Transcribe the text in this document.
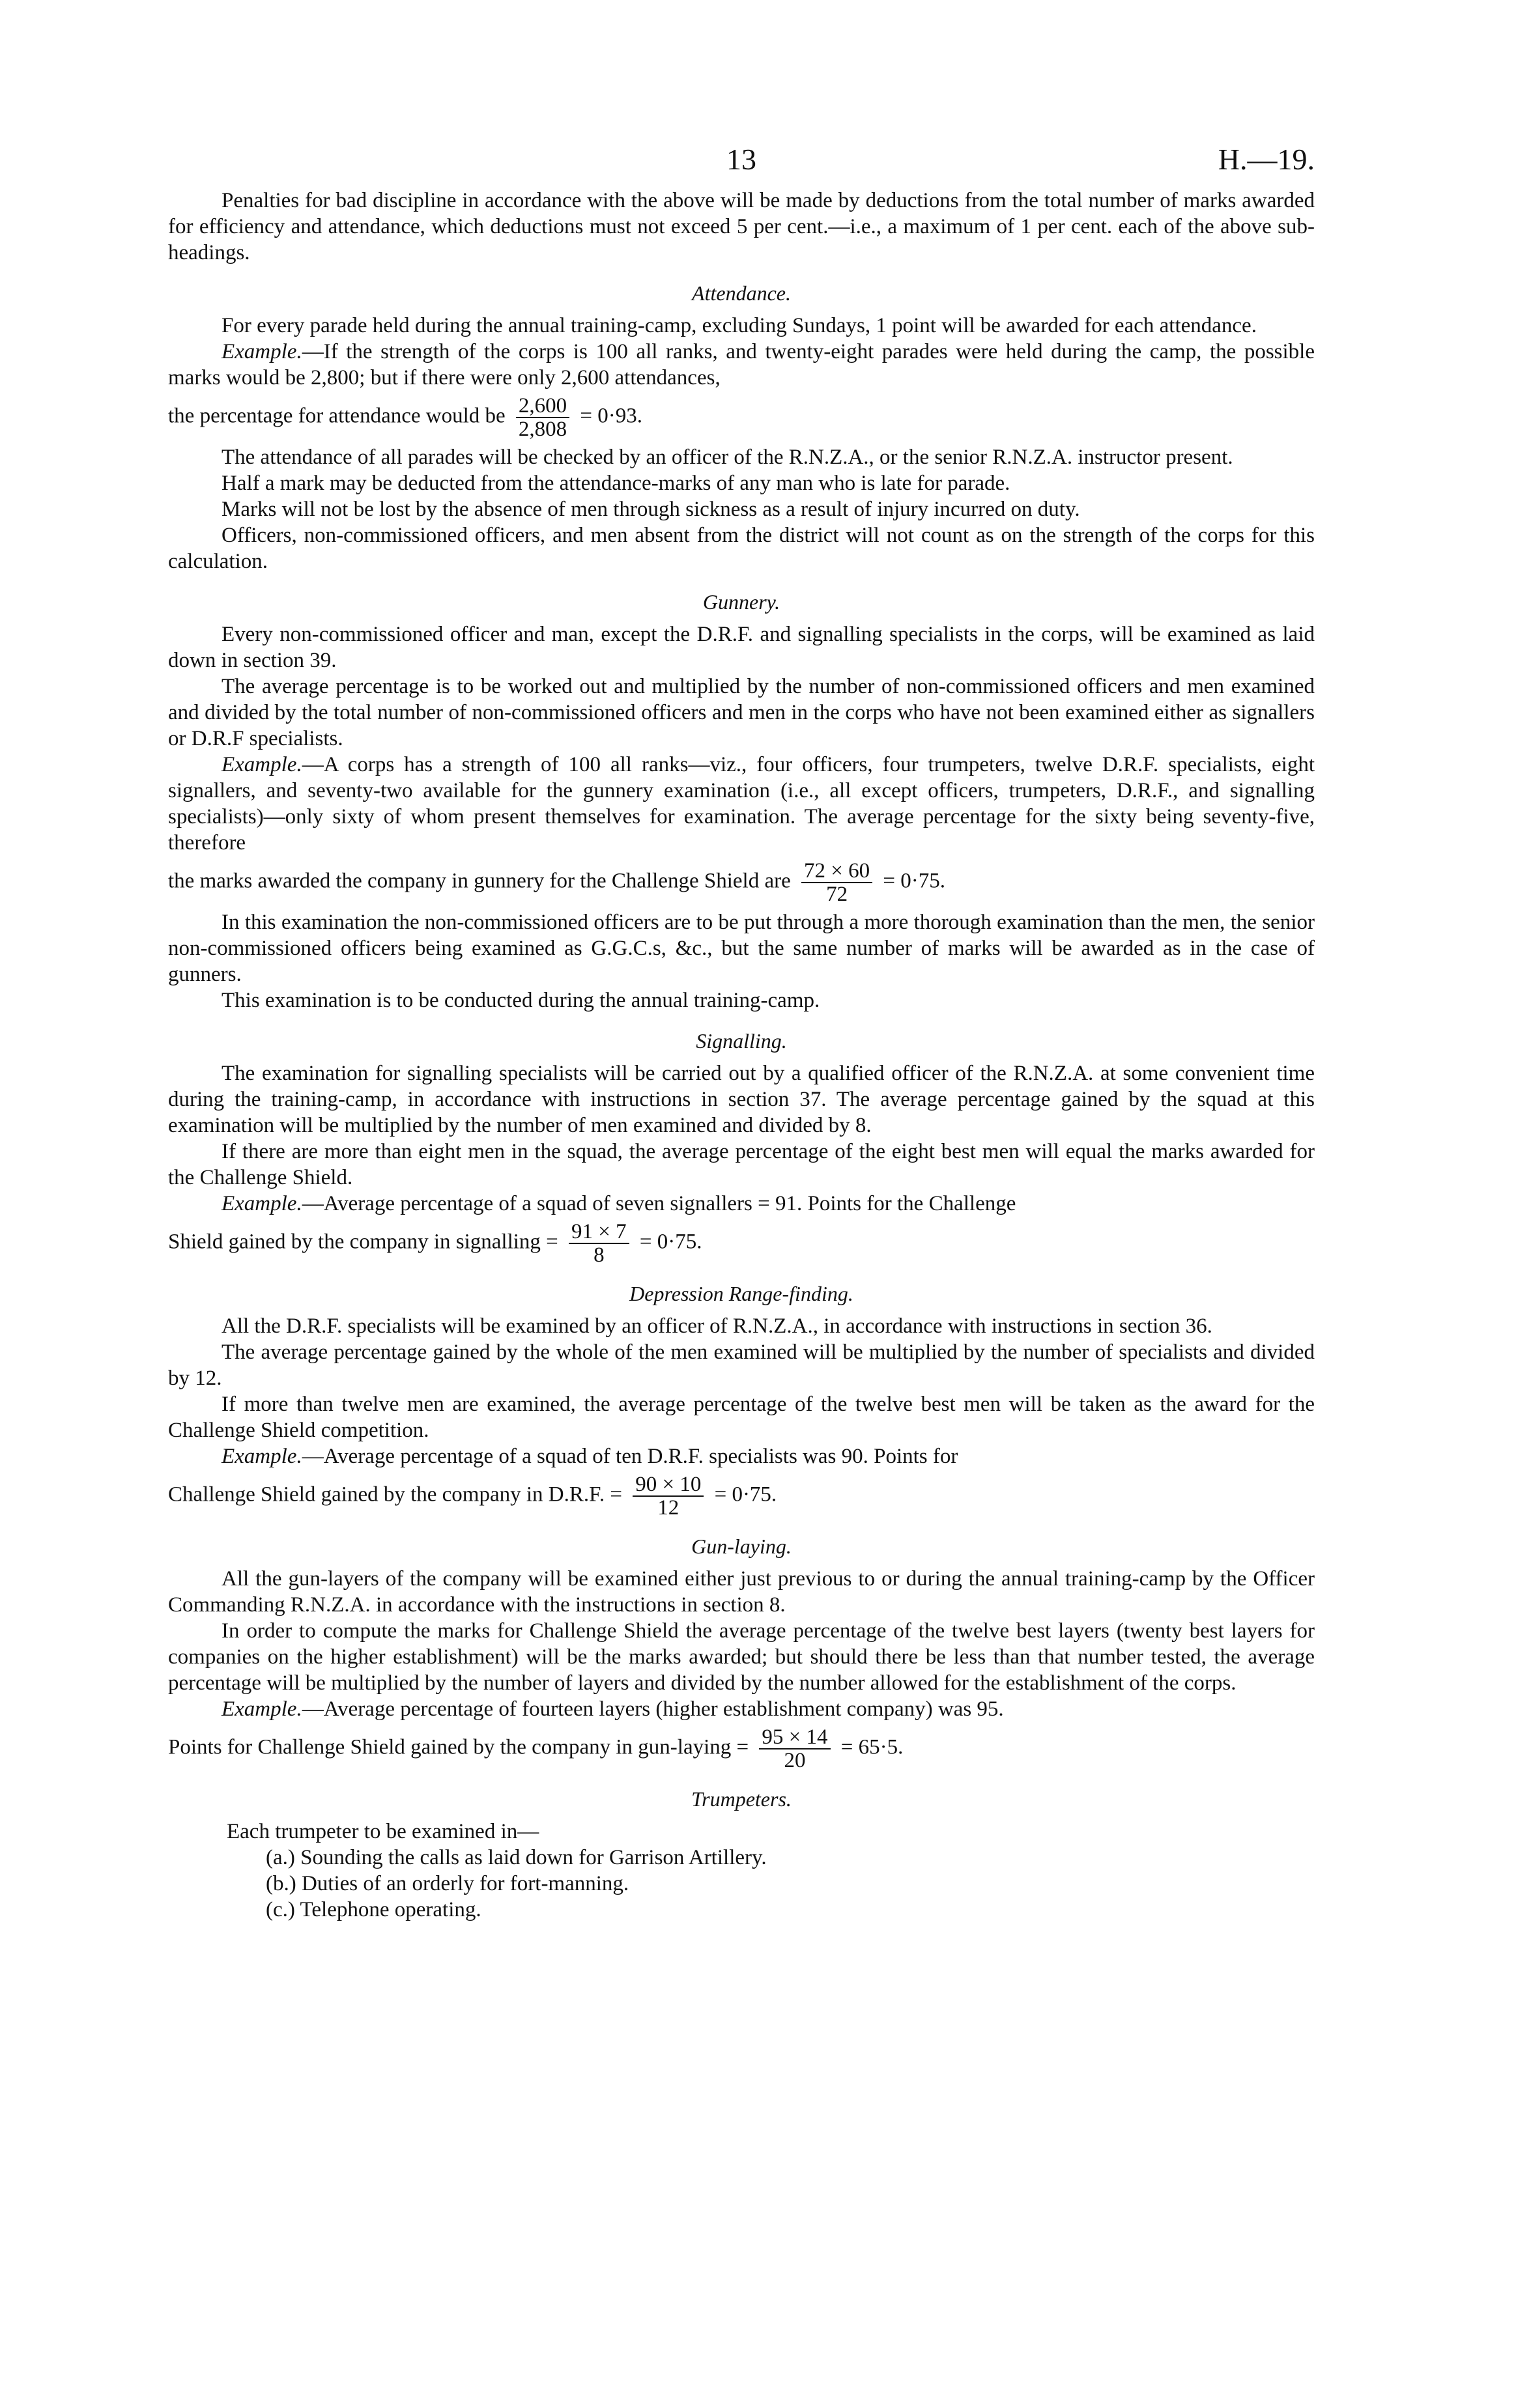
13	H.—19.

Penalties for bad discipline in accordance with the above will be made by deductions from the total number of marks awarded for efficiency and attendance, which deductions must not exceed 5 per cent.—i.e., a maximum of 1 per cent. each of the above sub-headings.

Attendance.

For every parade held during the annual training-camp, excluding Sundays, 1 point will be awarded for each attendance.

Example.—If the strength of the corps is 100 all ranks, and twenty-eight parades were held during the camp, the possible marks would be 2,800; but if there were only 2,600 attendances,

the percentage for attendance would be $\frac{2,600}{2,808} = 0\cdot 93$.

The attendance of all parades will be checked by an officer of the R.N.Z.A., or the senior R.N.Z.A. instructor present.

Half a mark may be deducted from the attendance-marks of any man who is late for parade.

Marks will not be lost by the absence of men through sickness as a result of injury incurred on duty.

Officers, non-commissioned officers, and men absent from the district will not count as on the strength of the corps for this calculation.

Gunnery.

Every non-commissioned officer and man, except the D.R.F. and signalling specialists in the corps, will be examined as laid down in section 39.

The average percentage is to be worked out and multiplied by the number of non-commissioned officers and men examined and divided by the total number of non-commissioned officers and men in the corps who have not been examined either as signallers or D.R.F specialists.

Example.—A corps has a strength of 100 all ranks—viz., four officers, four trumpeters, twelve D.R.F. specialists, eight signallers, and seventy-two available for the gunnery examination (i.e., all except officers, trumpeters, D.R.F., and signalling specialists)—only sixty of whom present themselves for examination. The average percentage for the sixty being seventy-five, therefore

the marks awarded the company in gunnery for the Challenge Shield are $\frac{72 \times 60}{72} = 0\cdot 75$.

In this examination the non-commissioned officers are to be put through a more thorough examination than the men, the senior non-commissioned officers being examined as G.G.C.s, &c., but the same number of marks will be awarded as in the case of gunners.

This examination is to be conducted during the annual training-camp.

Signalling.

The examination for signalling specialists will be carried out by a qualified officer of the R.N.Z.A. at some convenient time during the training-camp, in accordance with instructions in section 37. The average percentage gained by the squad at this examination will be multiplied by the number of men examined and divided by 8.

If there are more than eight men in the squad, the average percentage of the eight best men will equal the marks awarded for the Challenge Shield.

Example.—Average percentage of a squad of seven signallers = 91. Points for the Challenge

Shield gained by the company in signalling = $\frac{91 \times 7}{8} = 0\cdot 75$.
Depression Range-finding.

All the D.R.F. specialists will be examined by an officer of R.N.Z.A., in accordance with instructions in section 36.

The average percentage gained by the whole of the men examined will be multiplied by the number of specialists and divided by 12.

If more than twelve men are examined, the average percentage of the twelve best men will be taken as the award for the Challenge Shield competition.

Example.—Average percentage of a squad of ten D.R.F. specialists was 90. Points for

Challenge Shield gained by the company in D.R.F. = $\frac{90 \times 10}{12} = 0\cdot 75$.
Gun-laying.

All the gun-layers of the company will be examined either just previous to or during the annual training-camp by the Officer Commanding R.N.Z.A. in accordance with the instructions in section 8.

In order to compute the marks for Challenge Shield the average percentage of the twelve best layers (twenty best layers for companies on the higher establishment) will be the marks awarded; but should there be less than that number tested, the average percentage will be multiplied by the number of layers and divided by the number allowed for the establishment of the corps.

Example.—Average percentage of fourteen layers (higher establishment company) was 95.

Points for Challenge Shield gained by the company in gun-laying = $\frac{95 \times 14}{20} = 65\cdot 5$.
Trumpeters.

Each trumpeter to be examined in—

(a.) Sounding the calls as laid down for Garrison Artillery.
(b.) Duties of an orderly for fort-manning.
(c.) Telephone operating.
